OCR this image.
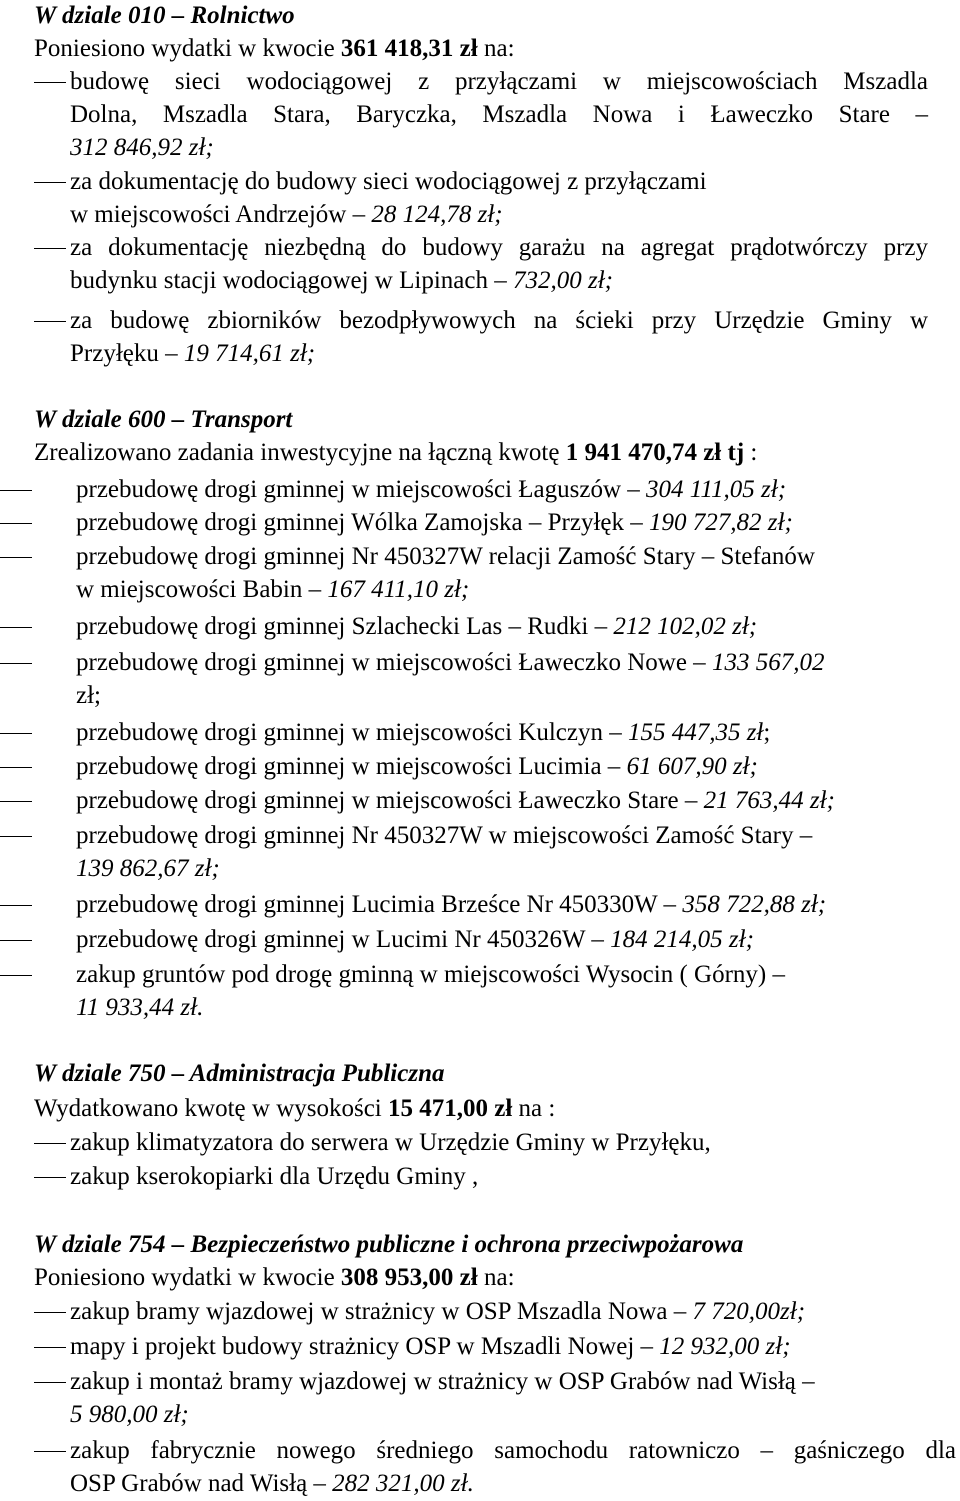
W dziale 010 – Rolnictwo
Poniesiono wydatki w kwocie 361 418,31 zł na:
budowę sieci wodociągowej z przyłączami w miejscowościach Mszadla
Dolna, Mszadla Stara, Baryczka, Mszadla Nowa i Ławeczko Stare –
312 846,92 zł;
za dokumentację do budowy sieci wodociągowej z przyłączami
w miejscowości Andrzejów – 28 124,78 zł;
za dokumentację niezbędną do budowy garażu na agregat prądotwórczy przy
budynku stacji wodociągowej w Lipinach – 732,00 zł;
za budowę zbiorników bezodpływowych na ścieki przy Urzędzie Gminy w
Przyłęku – 19 714,61 zł;
W dziale 600 – Transport
Zrealizowano zadania inwestycyjne na łączną kwotę 1 941 470,74 zł tj :
przebudowę drogi gminnej w miejscowości Łaguszów – 304 111,05 zł;
przebudowę drogi gminnej Wólka Zamojska – Przyłęk – 190 727,82 zł;
przebudowę drogi gminnej Nr 450327W relacji Zamość Stary – Stefanów
w miejscowości Babin – 167 411,10 zł;
przebudowę drogi gminnej Szlachecki Las – Rudki – 212 102,02 zł;
przebudowę drogi gminnej w miejscowości Ławeczko Nowe – 133 567,02
zł;
przebudowę drogi gminnej w miejscowości Kulczyn – 155 447,35 zł;
przebudowę drogi gminnej w miejscowości Lucimia – 61 607,90 zł;
przebudowę drogi gminnej w miejscowości Ławeczko Stare – 21 763,44 zł;
przebudowę drogi gminnej Nr 450327W w miejscowości Zamość Stary –
139 862,67 zł;
przebudowę drogi gminnej Lucimia Brześce Nr 450330W – 358 722,88 zł;
przebudowę drogi gminnej w Lucimi Nr 450326W – 184 214,05 zł;
zakup gruntów pod drogę gminną w miejscowości Wysocin ( Górny) –
11 933,44 zł.
W dziale 750 – Administracja Publiczna
Wydatkowano kwotę w wysokości 15 471,00 zł na :
zakup klimatyzatora do serwera w Urzędzie Gminy w Przyłęku,
zakup kserokopiarki dla Urzędu Gminy ,
W dziale 754 – Bezpieczeństwo publiczne i ochrona przeciwpożarowa
Poniesiono wydatki w kwocie 308 953,00 zł na:
zakup bramy wjazdowej w strażnicy w OSP Mszadla Nowa – 7 720,00zł;
mapy i projekt budowy strażnicy OSP w Mszadli Nowej – 12 932,00 zł;
zakup i montaż bramy wjazdowej w strażnicy w OSP Grabów nad Wisłą –
5 980,00 zł;
zakup fabrycznie nowego średniego samochodu ratowniczo – gaśniczego dla
OSP Grabów nad Wisłą – 282 321,00 zł.
